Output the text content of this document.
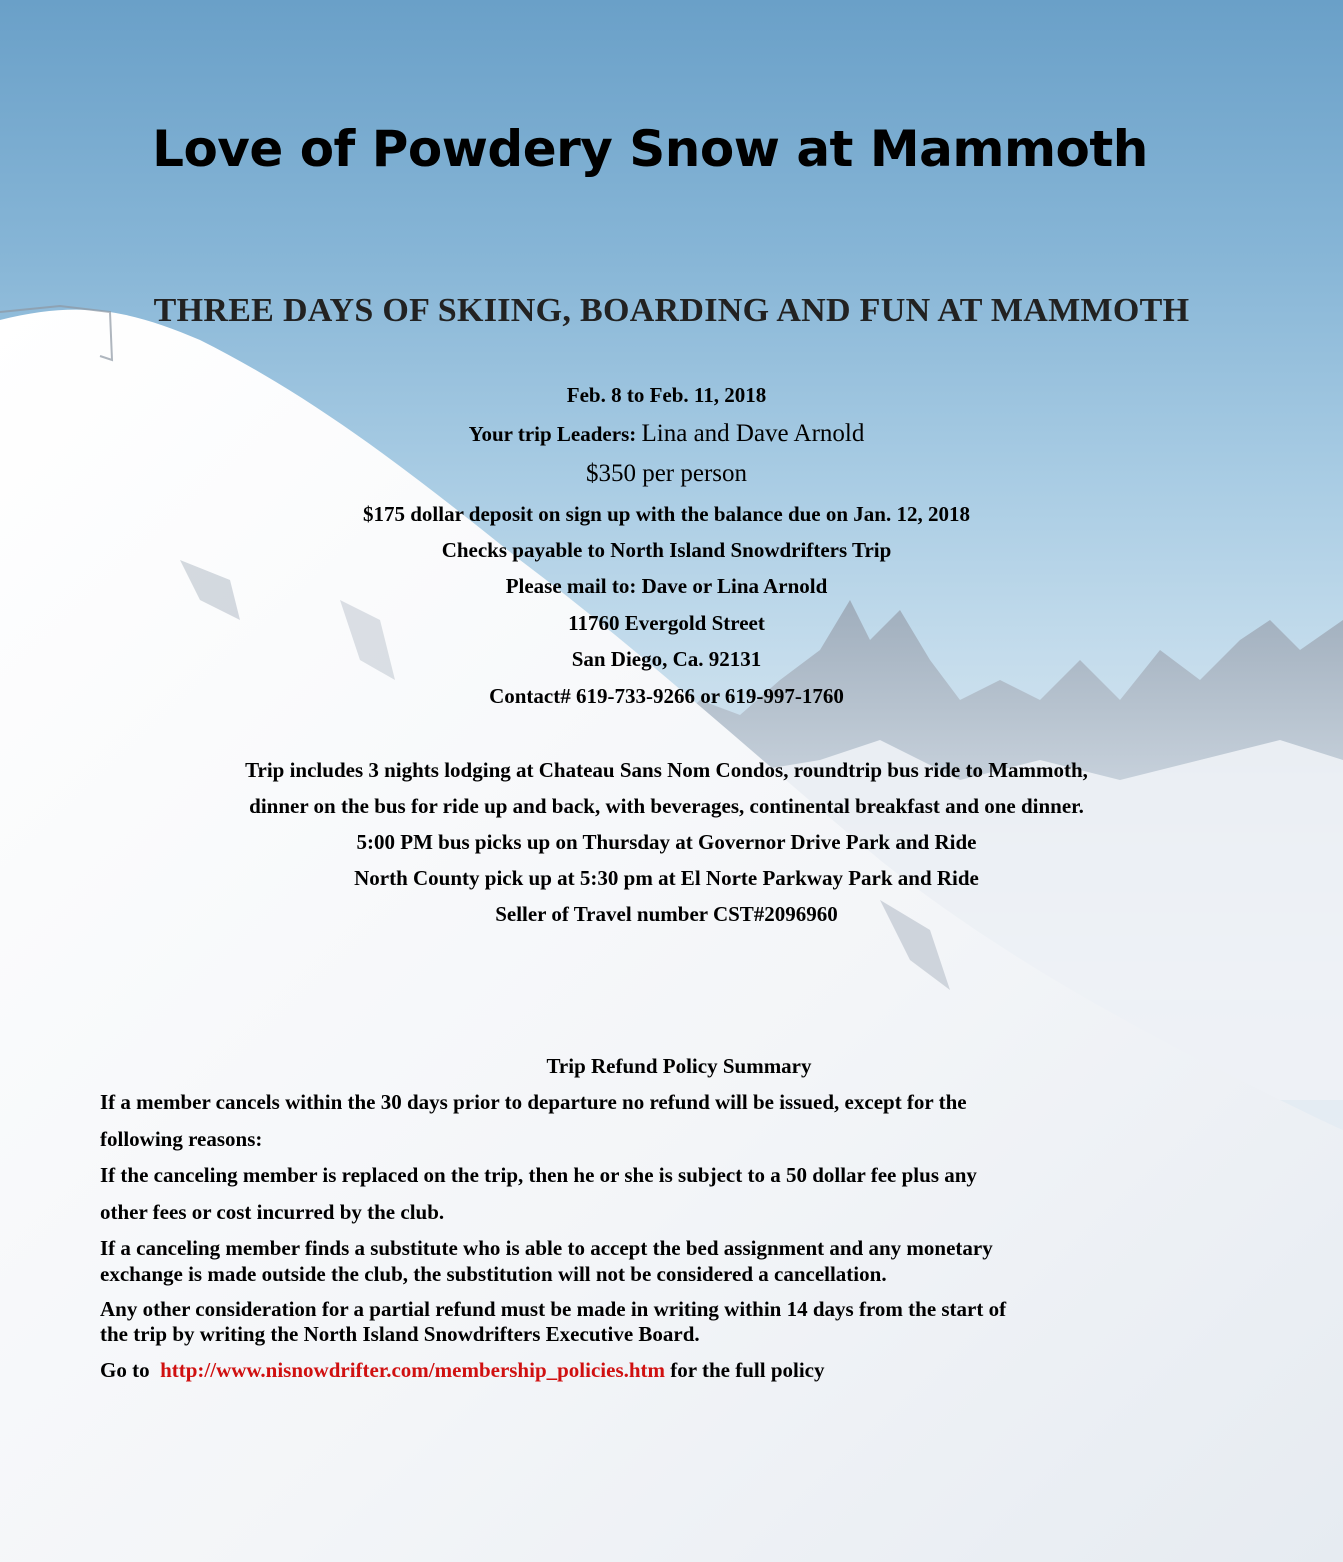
Love of Powdery Snow at Mammoth
THREE DAYS OF SKIING, BOARDING AND FUN AT MAMMOTH

Feb. 8 to Feb. 11, 2018

Your trip Leaders: Lina and Dave Arnold

$350 per person

$175 dollar deposit on sign up with the balance due on Jan. 12, 2018

Checks payable to North Island Snowdrifters Trip

Please mail to: Dave or Lina Arnold

11760 Evergold Street

San Diego, Ca. 92131

Contact# 619-733-9266 or 619-997-1760

Trip includes 3 nights lodging at Chateau Sans Nom Condos, roundtrip bus ride to Mammoth,

dinner on the bus for ride up and back, with beverages, continental breakfast and one dinner.

5:00 PM bus picks up on Thursday at Governor Drive Park and Ride

North County pick up at 5:30 pm at El Norte Parkway Park and Ride

Seller of Travel number CST#2096960

Trip Refund Policy Summary

If a member cancels within the 30 days prior to departure no refund will be issued, except for the

following reasons:

If the canceling member is replaced on the trip, then he or she is subject to a 50 dollar fee plus any

other fees or cost incurred by the club.

If a canceling member finds a substitute who is able to accept the bed assignment and any monetary

exchange is made outside the club, the substitution will not be considered a cancellation.

Any other consideration for a partial refund must be made in writing within 14 days from the start of

the trip by writing the North Island Snowdrifters Executive Board.

Go to  http://www.nisnowdrifter.com/membership_policies.htm for the full policy
